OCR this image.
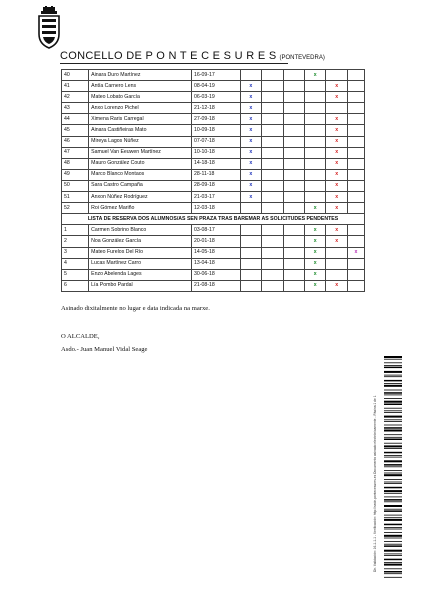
CONCELLO DE P O N T E C E S U R E S (PONTEVEDRA)
40	Ainara Duro Martínez	16-09-17				x		
41	Antía Carnero Lens	08-04-19	x				x	
42	Mateo Lobato García	06-03-19	x				x	
43	Anxo Lorenzo Pichel	21-12-18	x					
44	Ximena Raris Carregal	27-09-18	x				x	
45	Ainara Castiñeiras Mato	10-09-18	x				x	
46	Mireya Lagos Núñez	07-07-18	x				x	
47	Samuel Van Eeuwen Martínez	10-10-18	x				x	
48	Mauro González Couto	14-18-18	x				x	
49	Marco Blanco Montaos	28-11-18	x				x	
50	Sara Castro Campaña	28-09-18	x				x	
51	Anxon Núñez Rodríguez	21-03-17	x				x	
52	Roi Gómez Mariño	12-03-18				x	x	
LISTA DE RESERVA DOS ALUMNOS/AS SEN PRAZA TRAS BAREMAR AS SOLICITUDES PENDENTES								
1	Carmen Sobrino Blanco	03-08-17				x	x	
2	Noa González García	20-01-18				x	x	
3	Mateo Furelos Del Río	14-05-18				x		x
4	Lucas Martínez Carro	13-04-18				x		
5	Enzo Abelenda Lages	30-06-18				x		
6	Lía Pombo Pardal	21-08-18				x	x	
Asinado dixitalmente no lugar e data indicada na marxe.
O ALCALDE,
Asdo.- Juan Manuel Vidal Seage
Dir. Validación: 16-1-1-1 - Verificación: http://sede.pontecesures.es Documento asinado electrónicamente - Páxina 1 de 1
